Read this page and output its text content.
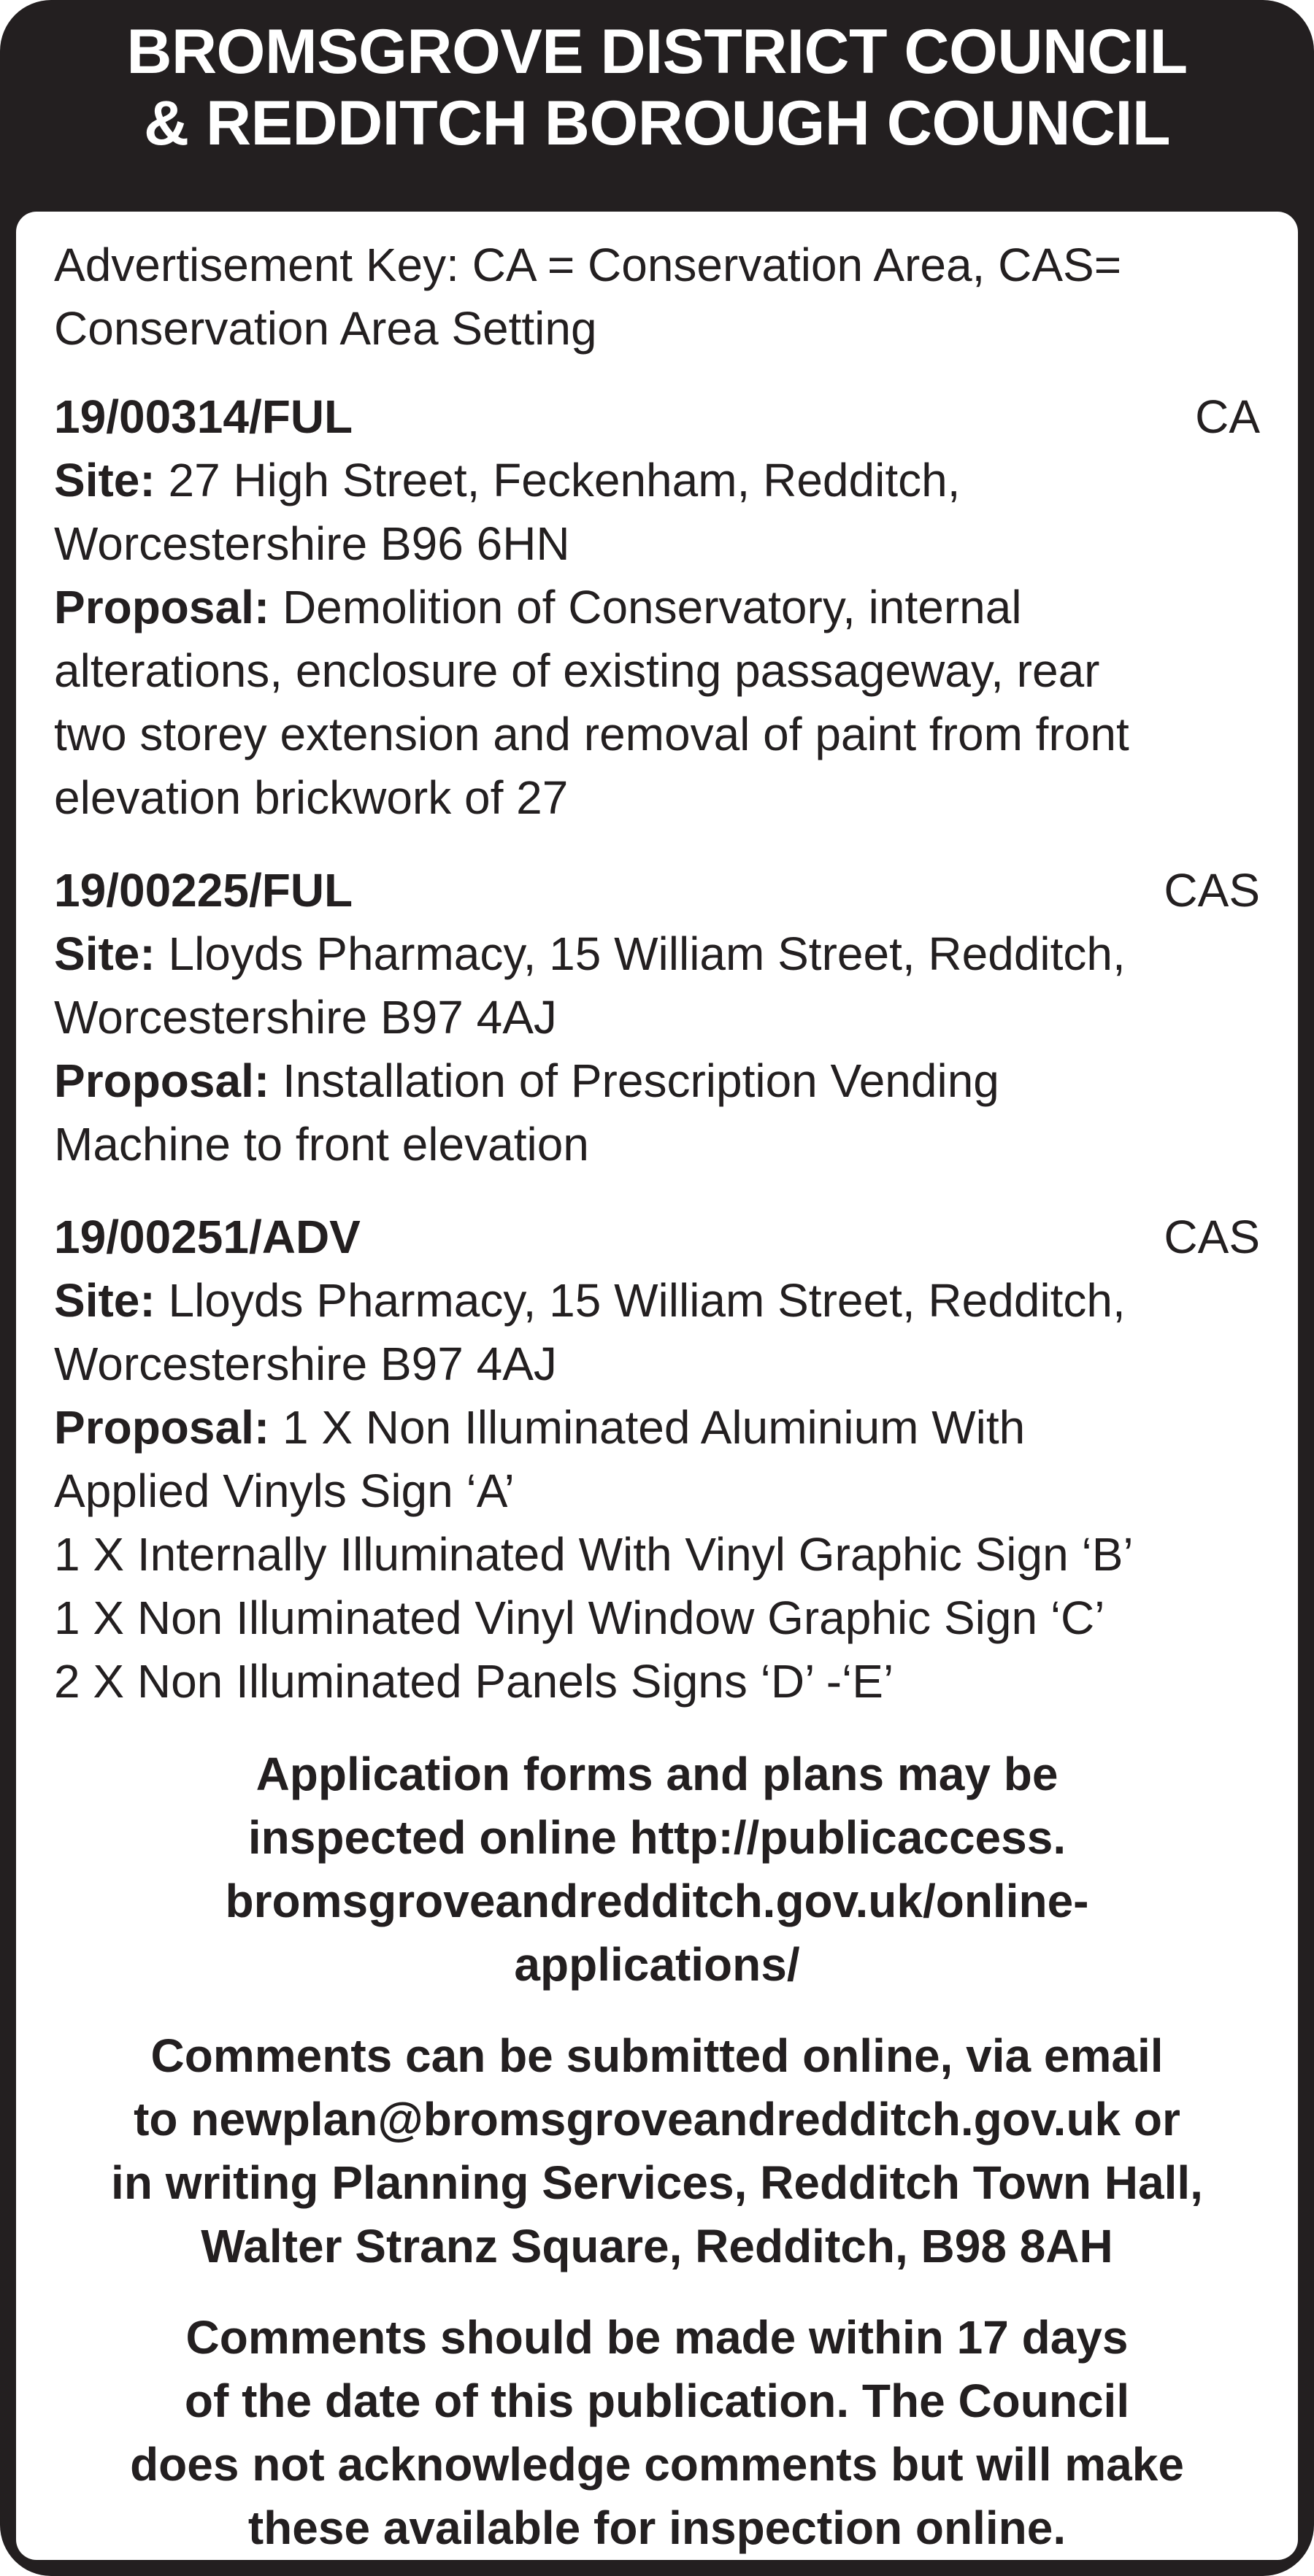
BROMSGROVE DISTRICT COUNCIL
& REDDITCH BOROUGH COUNCIL
Advertisement Key: CA = Conservation Area, CAS=
Conservation Area Setting
19/00314/FUL	CA
Site: 27 High Street, Feckenham, Redditch,
Worcestershire B96 6HN
Proposal: Demolition of Conservatory, internal
alterations, enclosure of existing passageway, rear
two storey extension and removal of paint from front
elevation brickwork of 27
19/00225/FUL	CAS
Site: Lloyds Pharmacy, 15 William Street, Redditch,
Worcestershire B97 4AJ
Proposal: Installation of Prescription Vending
Machine to front elevation
19/00251/ADV	CAS
Site: Lloyds Pharmacy, 15 William Street, Redditch,
Worcestershire B97 4AJ
Proposal: 1 X Non Illuminated Aluminium With
Applied Vinyls Sign ‘A’
1 X Internally Illuminated With Vinyl Graphic Sign ‘B’
1 X Non Illuminated Vinyl Window Graphic Sign ‘C’
2 X Non Illuminated Panels Signs ‘D’ -‘E’
Application forms and plans may be
inspected online http://publicaccess.
bromsgroveandredditch.gov.uk/online-
applications/
Comments can be submitted online, via email
to newplan@bromsgroveandredditch.gov.uk or
in writing Planning Services, Redditch Town Hall,
Walter Stranz Square, Redditch, B98 8AH
Comments should be made within 17 days
of the date of this publication. The Council
does not acknowledge comments but will make
these available for inspection online.
